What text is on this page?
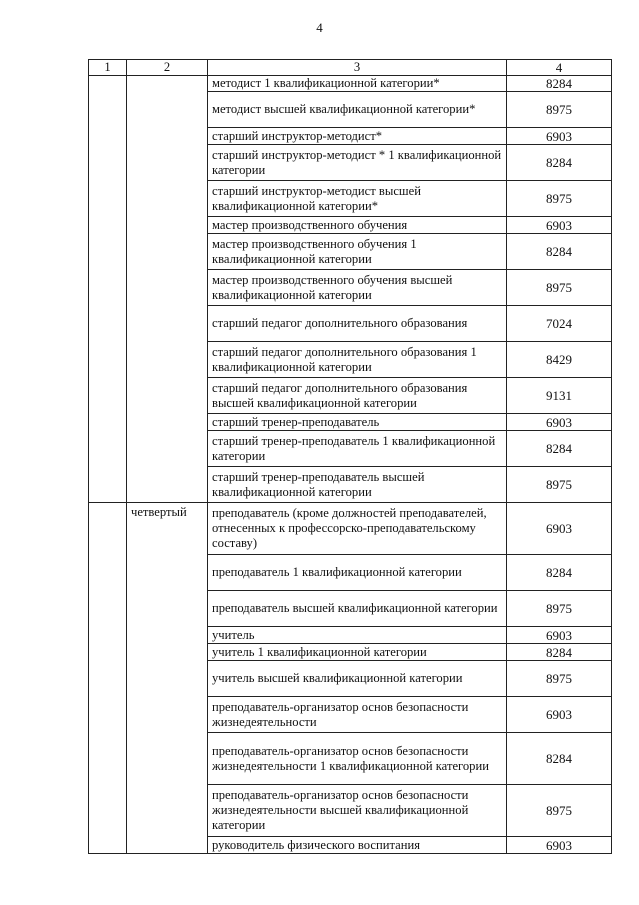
4
1	2	3	4
		методист 1 квалификационной категории*	8284
		методист высшей квалификационной категории*	8975
		старший инструктор-методист*	6903
		старший инструктор-методист * 1 квалификационной категории	8284
		старший инструктор-методист высшей квалификационной категории*	8975
		мастер производственного обучения	6903
		мастер производственного обучения 1 квалификационной категории	8284
		мастер производственного обучения высшей квалификационной категории	8975
		старший педагог дополнительного образования	7024
		старший педагог дополнительного образования 1 квалификационной категории	8429
		старший педагог дополнительного образования высшей квалификационной категории	9131
		старший тренер-преподаватель	6903
		старший тренер-преподаватель 1 квалификационной категории	8284
		старший тренер-преподаватель высшей квалификационной категории	8975
	четвертый	преподаватель (кроме должностей преподавателей, отнесенных к профессорско-преподавательскому составу)	6903
		преподаватель 1 квалификационной категории	8284
		преподаватель высшей квалификационной категории	8975
		учитель	6903
		учитель 1 квалификационной категории	8284
		учитель высшей квалификационной категории	8975
		преподаватель-организатор основ безопасности жизнедеятельности	6903
		преподаватель-организатор основ безопасности жизнедеятельности 1 квалификационной категории	8284
		преподаватель-организатор основ безопасности жизнедеятельности высшей квалификационной категории	8975
		руководитель физического воспитания	6903
